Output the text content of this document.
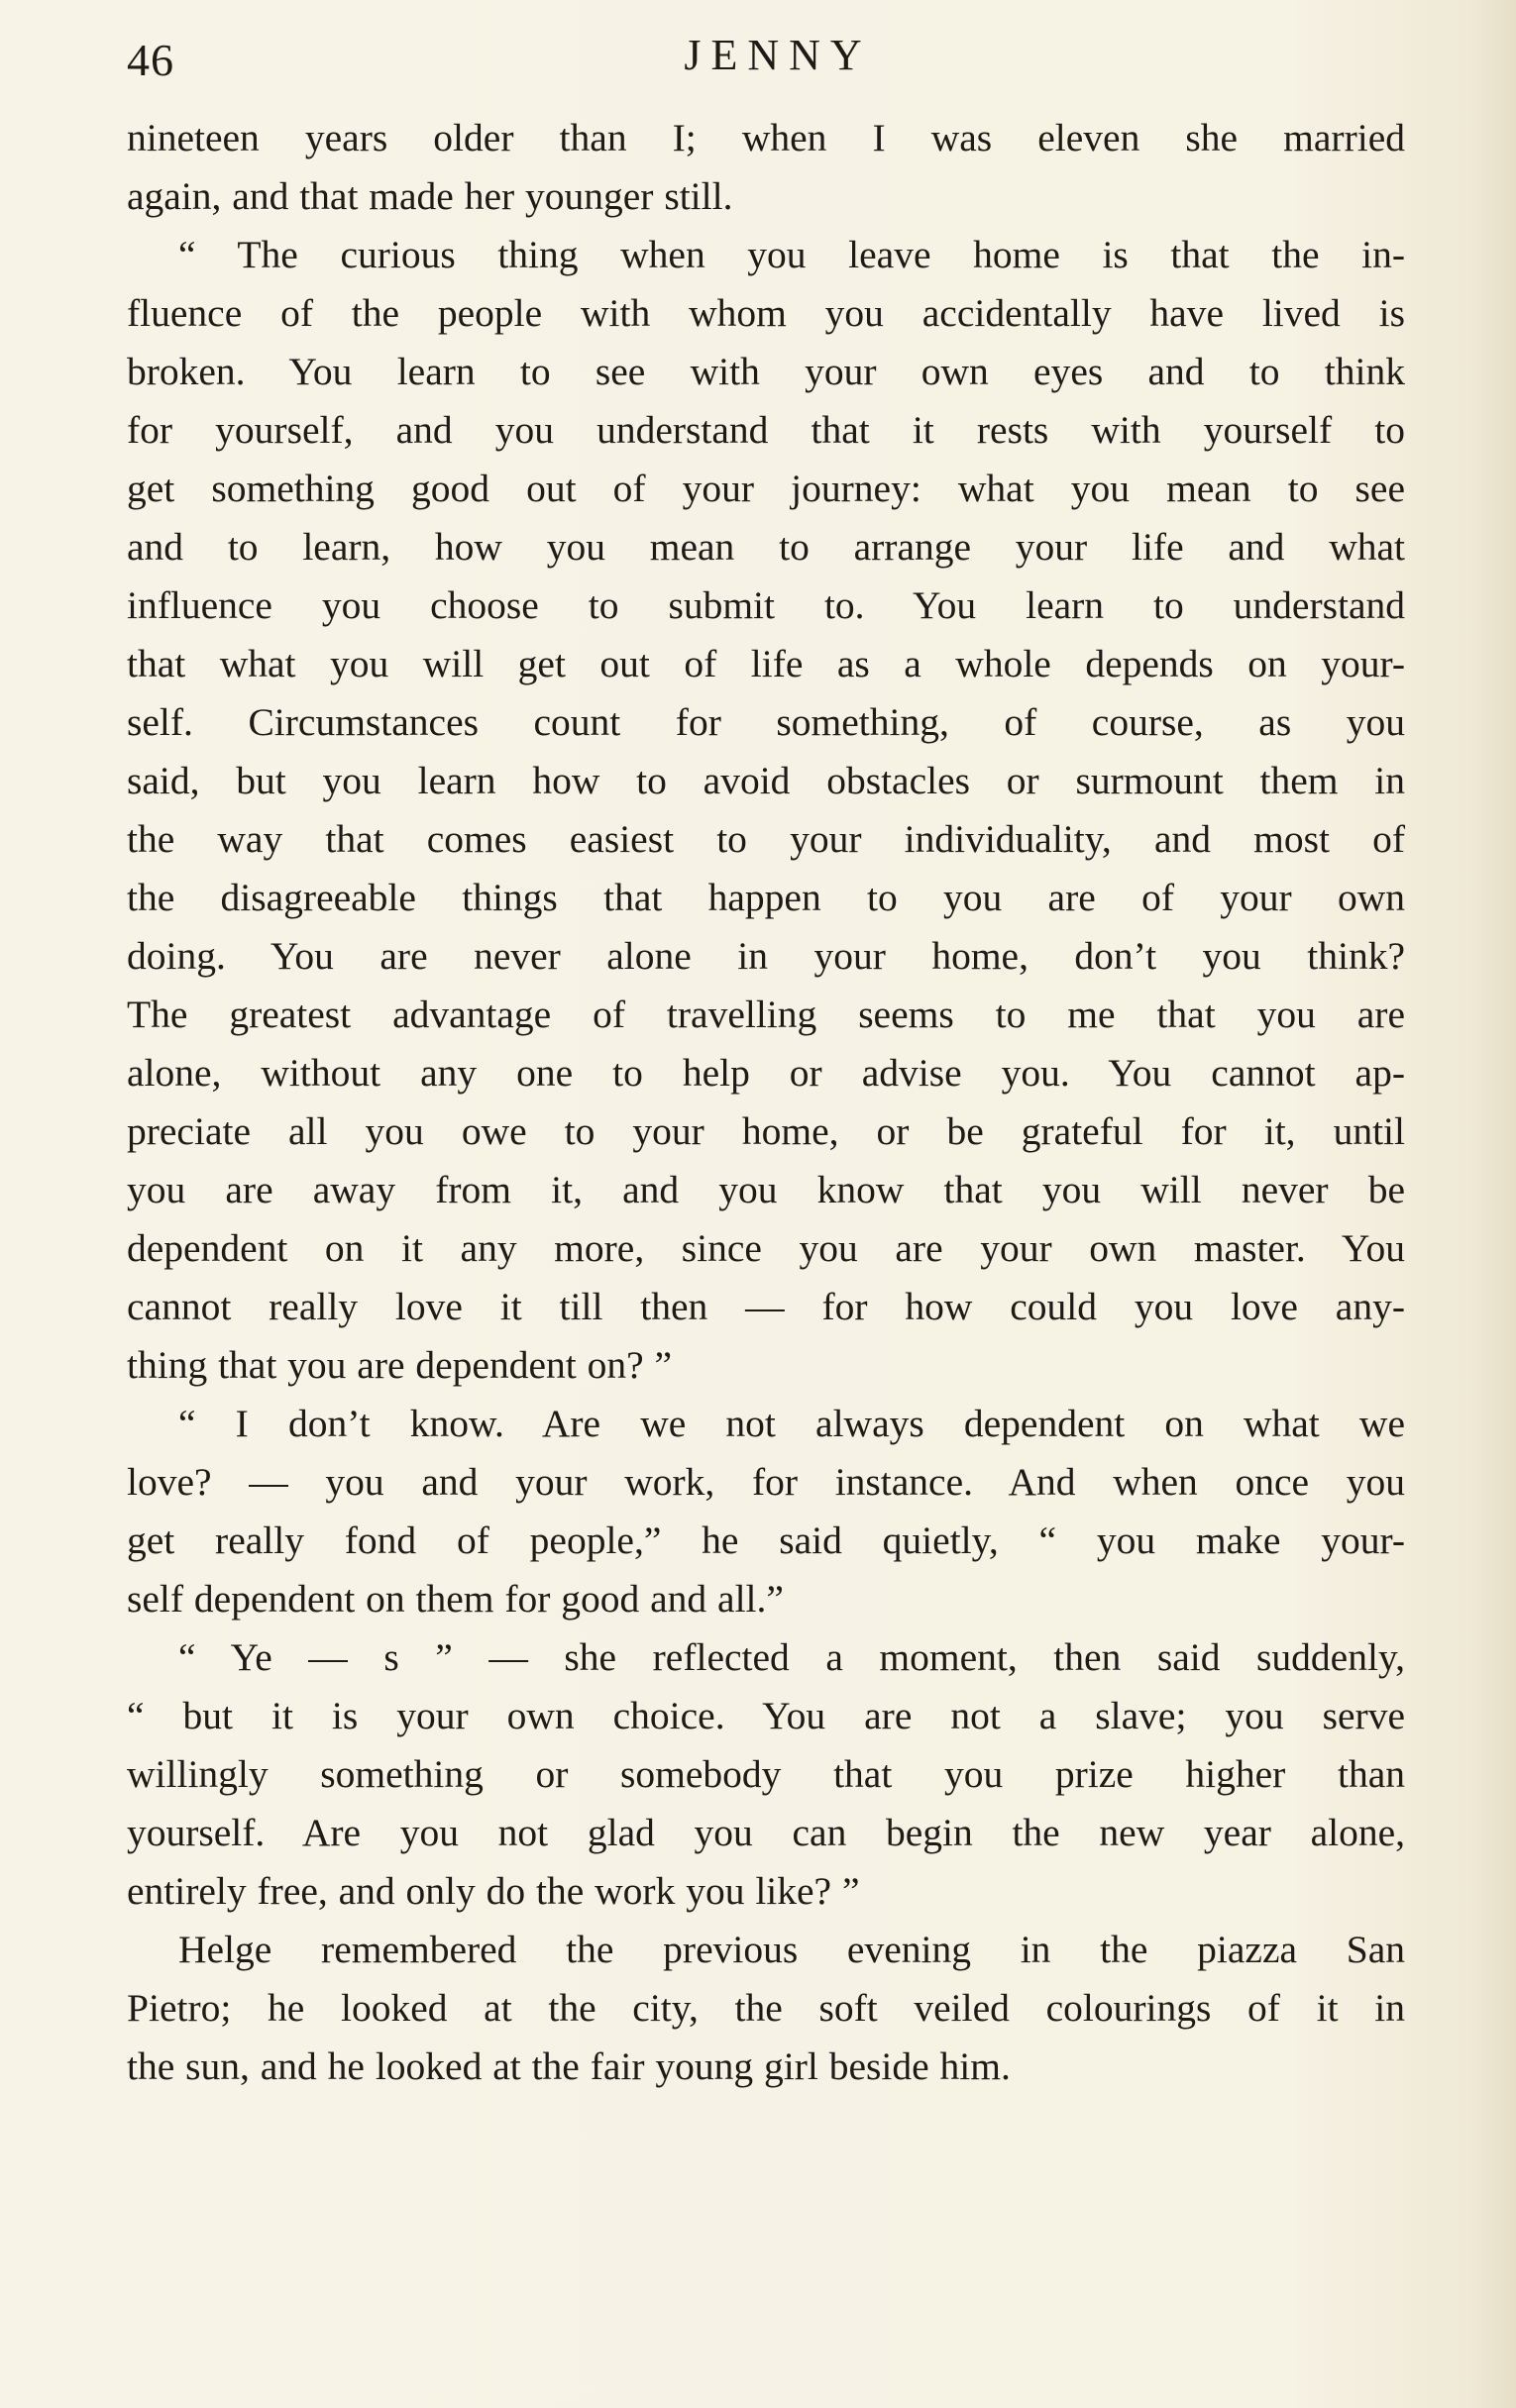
46	JENNY
nineteen years older than I; when I was eleven she married
again, and that made her younger still.
“ The curious thing when you leave home is that the in-
fluence of the people with whom you accidentally have lived is
broken. You learn to see with your own eyes and to think
for yourself, and you understand that it rests with yourself to
get something good out of your journey: what you mean to see
and to learn, how you mean to arrange your life and what
influence you choose to submit to. You learn to understand
that what you will get out of life as a whole depends on your-
self. Circumstances count for something, of course, as you
said, but you learn how to avoid obstacles or surmount them in
the way that comes easiest to your individuality, and most of
the disagreeable things that happen to you are of your own
doing. You are never alone in your home, don’t you think?
The greatest advantage of travelling seems to me that you are
alone, without any one to help or advise you. You cannot ap-
preciate all you owe to your home, or be grateful for it, until
you are away from it, and you know that you will never be
dependent on it any more, since you are your own master. You
cannot really love it till then — for how could you love any-
thing that you are dependent on? ”
“ I don’t know. Are we not always dependent on what we
love? — you and your work, for instance. And when once you
get really fond of people,” he said quietly, “ you make your-
self dependent on them for good and all.”
“ Ye — s ” — she reflected a moment, then said suddenly,
“ but it is your own choice. You are not a slave; you serve
willingly something or somebody that you prize higher than
yourself. Are you not glad you can begin the new year alone,
entirely free, and only do the work you like? ”
Helge remembered the previous evening in the piazza San
Pietro; he looked at the city, the soft veiled colourings of it in
the sun, and he looked at the fair young girl beside him.
